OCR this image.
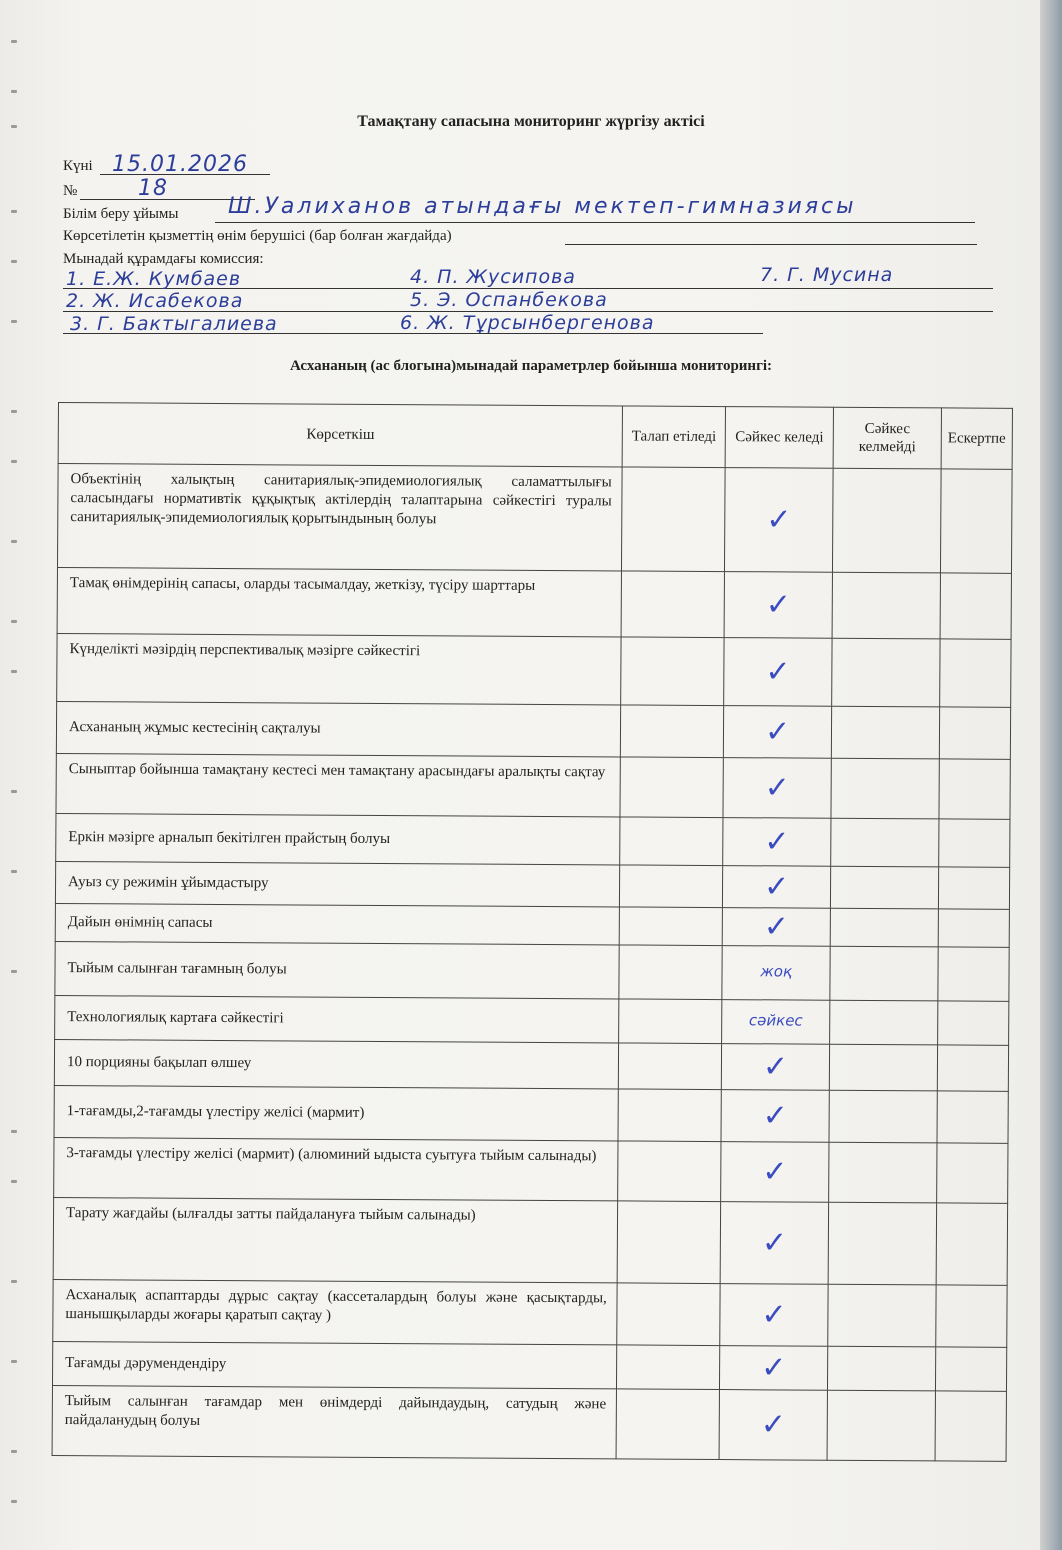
Тамақтану сапасына мониторинг жүргізу актісі
Күні 15.01.2026
№	18
Білім беру ұйымы Ш.Уалиханов атындағы мектеп-гимназиясы
Көрсетілетін қызметтің өнім берушісі (бар болған жағдайда)
Мынадай құрамдағы комиссия:
1. Е.Ж. Кумбаев	4. П. Жусипова	7. Г. Мусина
2. Ж. Исабекова	5. Э. Оспанбекова
3. Г. Бактыгалиева	6. Ж. Тұрсынбергенова
Асхананың (ас блогына)мынадай параметрлер бойынша мониторингі:
Көрсеткіш	Талап етіледі	Сәйкес келеді	Сәйкес келмейді	Ескертпе
Объектінің халықтың санитариялық-эпидемиологиялық саламаттылығы саласындағы нормативтік құқықтық актілердің талаптарына сәйкестігі туралы санитариялық-эпидемиологиялық қорытындының болуы		✓		
Тамақ өнімдерінің сапасы, оларды тасымалдау, жеткізу, түсіру шарттары		✓		
Күнделікті мәзірдің перспективалық мәзірге сәйкестігі		✓		
Асхананың жұмыс кестесінің сақталуы		✓		
Сыныптар бойынша тамақтану кестесі мен тамақтану арасындағы аралықты сақтау		✓		
Еркін мәзірге арналып бекітілген прайстың болуы		✓		
Ауыз су режимін ұйымдастыру		✓		
Дайын өнімнің сапасы		✓		
Тыйым салынған тағамның болуы		жоқ		
Технологиялық картаға сәйкестігі		сәйкес		
10 порцияны бақылап өлшеу		✓		
1-тағамды,2-тағамды үлестіру желісі (мармит)		✓		
3-тағамды үлестіру желісі (мармит) (алюминий ыдыста суытуға тыйым салынады)		✓		
Тарату жағдайы (ылғалды затты пайдалануға тыйым салынады)		✓		
Асханалық аспаптарды дұрыс сақтау (кассеталардың болуы және қасықтарды, шанышқыларды жоғары қаратып сақтау )		✓		
Тағамды дәрумендендіру		✓		
Тыйым салынған тағамдар мен өнімдерді дайындаудың, сатудың және пайдаланудың болуы		✓		
